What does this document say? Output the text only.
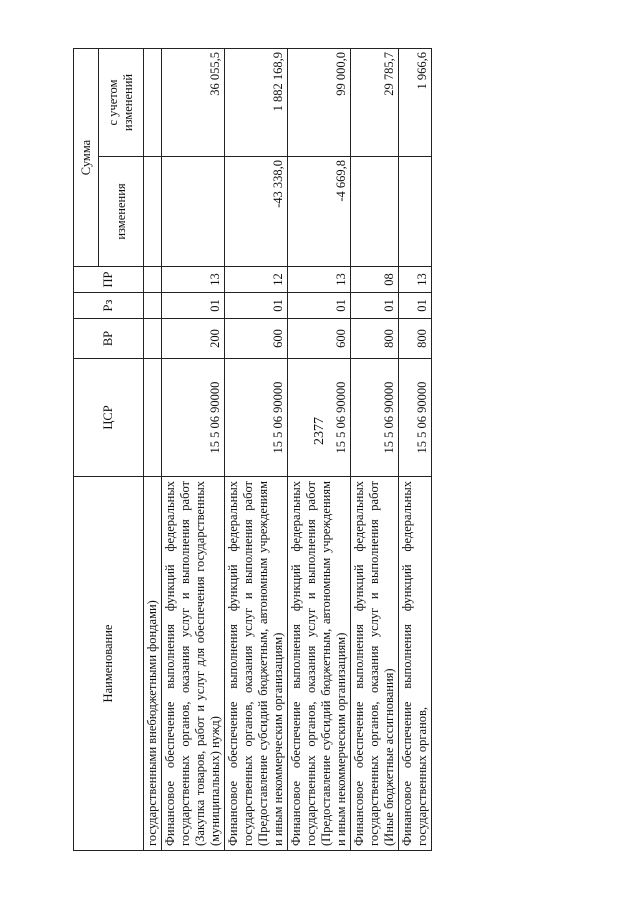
2377
Наименование	ЦСР	ВР	Рз	ПР	Сумма	
					изменения	с учетом изменений
государственными внебюджетными фондами)						
Финансовое обеспечение выполнения функций федеральных государственных органов, оказания услуг и выполнения работ (Закупка товаров, работ и услуг для обеспечения государственных (муниципальных) нужд)	15 5 06 90000	200	01	13		36 055,5
Финансовое обеспечение выполнения функций федеральных государственных органов, оказания услуг и выполнения работ (Предоставление субсидий бюджетным, автономным учреждениям и иным некоммерческим организациям)	15 5 06 90000	600	01	12	-43 338,0	1 882 168,9
Финансовое обеспечение выполнения функций федеральных государственных органов, оказания услуг и выполнения работ (Предоставление субсидий бюджетным, автономным учреждениям и иным некоммерческим организациям)	15 5 06 90000	600	01	13	-4 669,8	99 000,0
Финансовое обеспечение выполнения функций федеральных государственных органов, оказания услуг и выполнения работ (Иные бюджетные ассигнования)	15 5 06 90000	800	01	08		29 785,7
Финансовое обеспечение выполнения функций федеральных государственных органов,	15 5 06 90000	800	01	13		1 966,6
